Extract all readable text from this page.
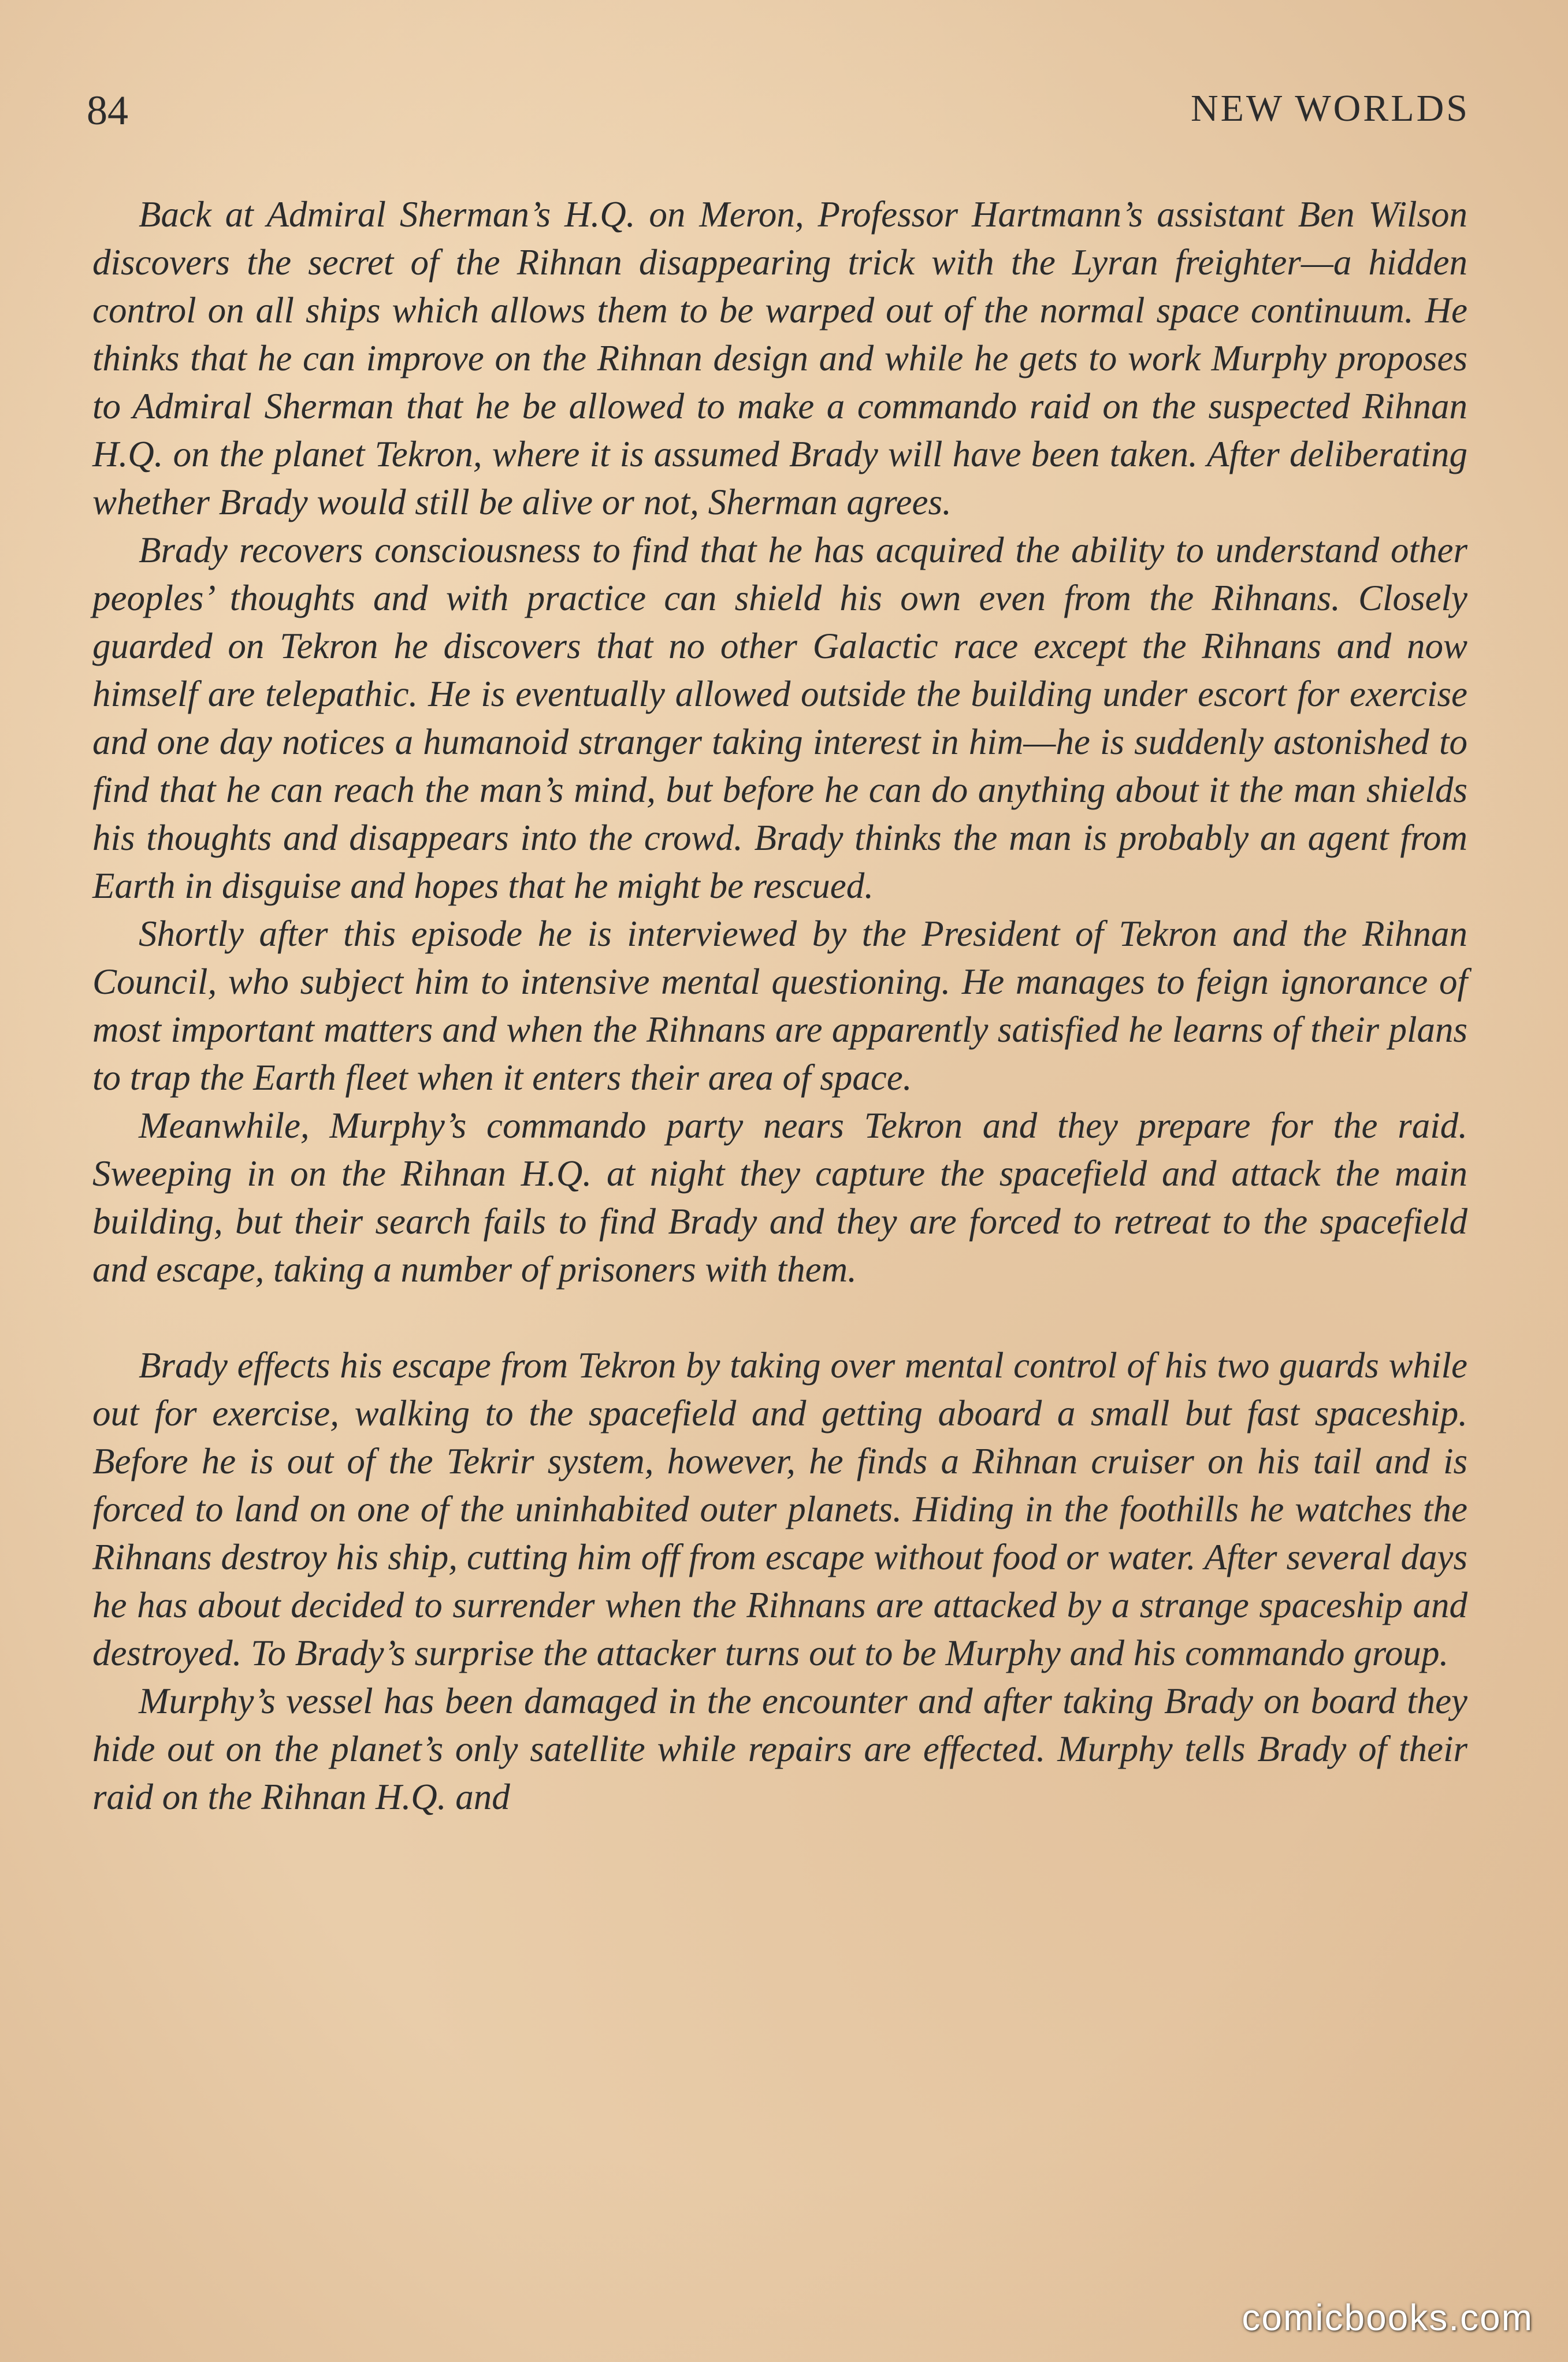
84	NEW WORLDS

Back at Admiral Sherman’s H.Q. on Meron, Professor Hartmann’s assistant Ben Wilson discovers the secret of the Rihnan disappearing trick with the Lyran freighter—a hidden control on all ships which allows them to be warped out of the normal space continuum. He thinks that he can improve on the Rihnan design and while he gets to work Murphy proposes to Admiral Sherman that he be allowed to make a commando raid on the suspected Rihnan H.Q. on the planet Tekron, where it is assumed Brady will have been taken. After deliberating whether Brady would still be alive or not, Sherman agrees.

Brady recovers consciousness to find that he has acquired the ability to understand other peoples’ thoughts and with practice can shield his own even from the Rihnans. Closely guarded on Tekron he discovers that no other Galactic race except the Rihnans and now himself are telepathic. He is eventually allowed outside the building under escort for exercise and one day notices a humanoid stranger taking interest in him—he is suddenly astonished to find that he can reach the man’s mind, but before he can do anything about it the man shields his thoughts and disappears into the crowd. Brady thinks the man is probably an agent from Earth in disguise and hopes that he might be rescued.

Shortly after this episode he is interviewed by the President of Tekron and the Rihnan Council, who subject him to intensive mental questioning. He manages to feign ignorance of most important matters and when the Rihnans are apparently satisfied he learns of their plans to trap the Earth fleet when it enters their area of space.

Meanwhile, Murphy’s commando party nears Tekron and they prepare for the raid. Sweeping in on the Rihnan H.Q. at night they capture the spacefield and attack the main building, but their search fails to find Brady and they are forced to retreat to the spacefield and escape, taking a number of prisoners with them.

Brady effects his escape from Tekron by taking over mental control of his two guards while out for exercise, walking to the spacefield and getting aboard a small but fast spaceship. Before he is out of the Tekrir system, however, he finds a Rihnan cruiser on his tail and is forced to land on one of the uninhabited outer planets. Hiding in the foothills he watches the Rihnans destroy his ship, cutting him off from escape without food or water. After several days he has about decided to surrender when the Rihnans are attacked by a strange spaceship and destroyed. To Brady’s surprise the attacker turns out to be Murphy and his commando group.

Murphy’s vessel has been damaged in the encounter and after taking Brady on board they hide out on the planet’s only satellite while repairs are effected. Murphy tells Brady of their raid on the Rihnan H.Q. and

comicbooks.com
